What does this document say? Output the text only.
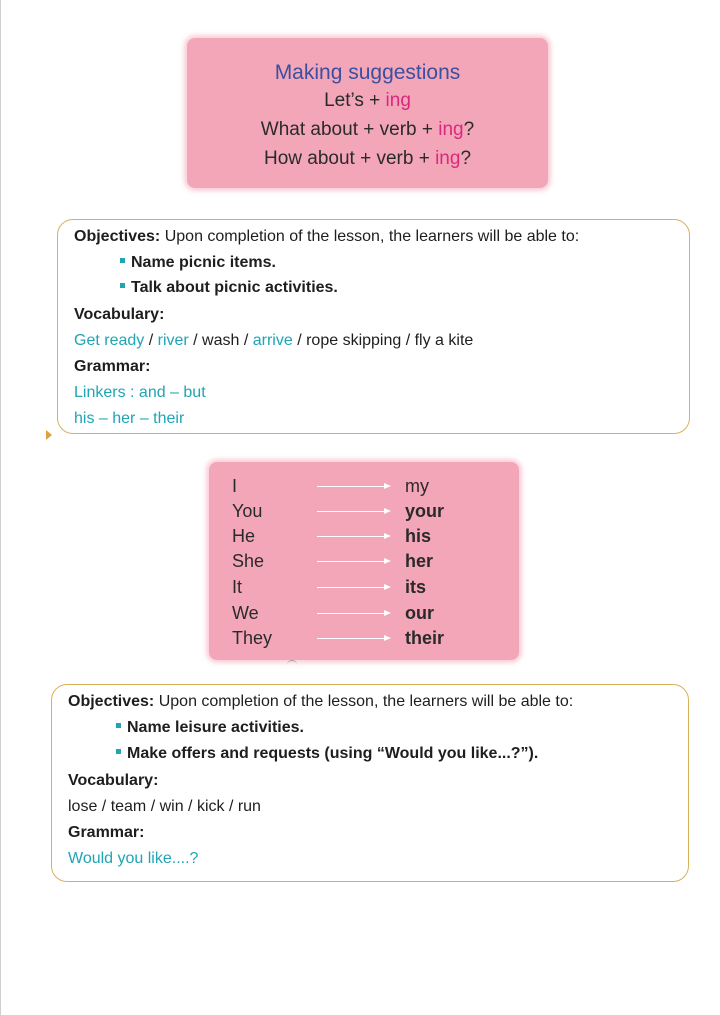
Making suggestions
Let’s + ing
What about + verb + ing?
How about + verb + ing?
Objectives: Upon completion of the lesson, the learners will be able to:
Name picnic items.
Talk about picnic activities.
Vocabulary:
Get ready / river / wash / arrive / rope skipping / fly a kite
Grammar:
Linkers : and – but
his – her – their
I	my
You	your
He	his
She	her
It	its
We	our
They	their
Objectives: Upon completion of the lesson, the learners will be able to:
Name leisure activities.
Make offers and requests (using “Would you like...?”).
Vocabulary:
lose / team / win / kick / run
Grammar:
Would you like....?
